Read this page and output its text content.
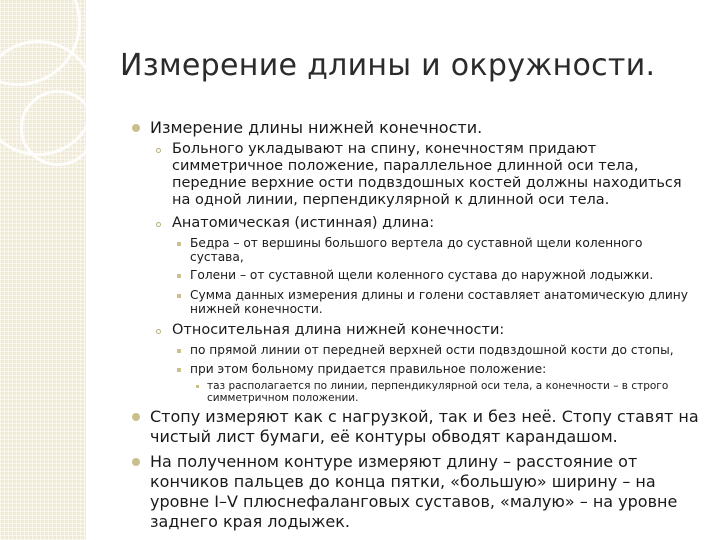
Измерение длины и окружности.
Измерение длины нижней конечности.
Больного укладывают на спину, конечностям придают
симметричное положение, параллельное длинной оси тела,
передние верхние ости подвздошных костей должны находиться
на одной линии, перпендикулярной к длинной оси тела.
Анатомическая (истинная) длина:
Бедра – от вершины большого вертела до суставной щели коленного
сустава,
Голени – от суставной щели коленного сустава до наружной лодыжки.
Сумма данных измерения длины и голени составляет анатомическую длину
нижней конечности.
Относительная длина нижней конечности:
по прямой линии от передней верхней ости подвздошной кости до стопы,
при этом больному придается правильное положение:
таз располагается по линии, перпендикулярной оси тела, а конечности – в строго
симметричном положении.
Стопу измеряют как с нагрузкой, так и без неё. Стопу ставят на
чистый лист бумаги, её контуры обводят карандашом.
На полученном контуре измеряют длину – расстояние от
кончиков пальцев до конца пятки, «большую» ширину – на
уровне I–V плюснефаланговых суставов, «малую» – на уровне
заднего края лодыжек.
